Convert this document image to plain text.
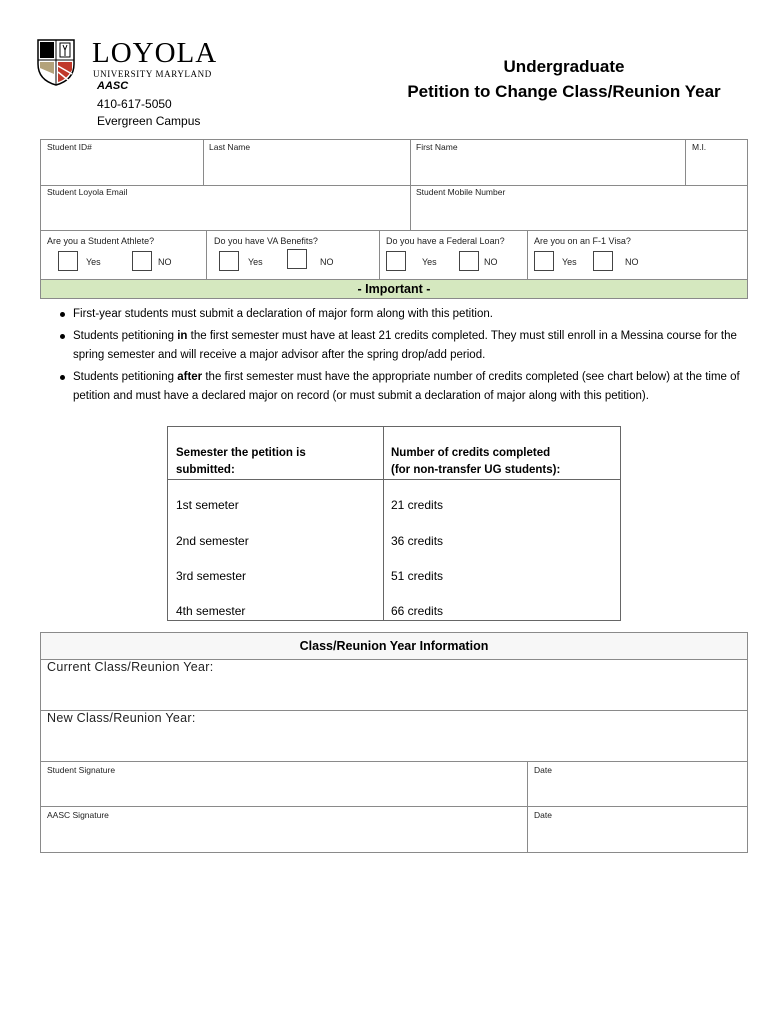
LOYOLA
UNIVERSITY MARYLAND
AASC
410-617-5050
Evergreen Campus
Undergraduate
Petition to Change Class/Reunion Year
Student ID#	Last Name	First Name	M.I.
Student Loyola Email	Student Mobile Number
Are you a Student Athlete?
Yes	NO
Do you have VA Benefits?
Yes	NO
Do you have a Federal Loan?
Yes	NO
Are you on an F-1 Visa?
Yes	NO
- Important -
First-year students must submit a declaration of major form along with this petition.
Students petitioning in the first semester must have at least 21 credits completed. They must still enroll in a Messina course for the spring semester and will receive a major advisor after the spring drop/add period.
Students petitioning after the first semester must have the appropriate number of credits completed (see chart below) at the time of petition and must have a declared major on record (or must submit a declaration of major along with this petition).
Semester the petition is
submitted:
Number of credits completed
(for non-transfer UG students):
1st semeter	21 credits
2nd semester	36 credits
3rd semester	51 credits
4th semester	66 credits
Class/Reunion Year Information
Current Class/Reunion Year:
New Class/Reunion Year:
Student Signature	Date
AASC Signature	Date
